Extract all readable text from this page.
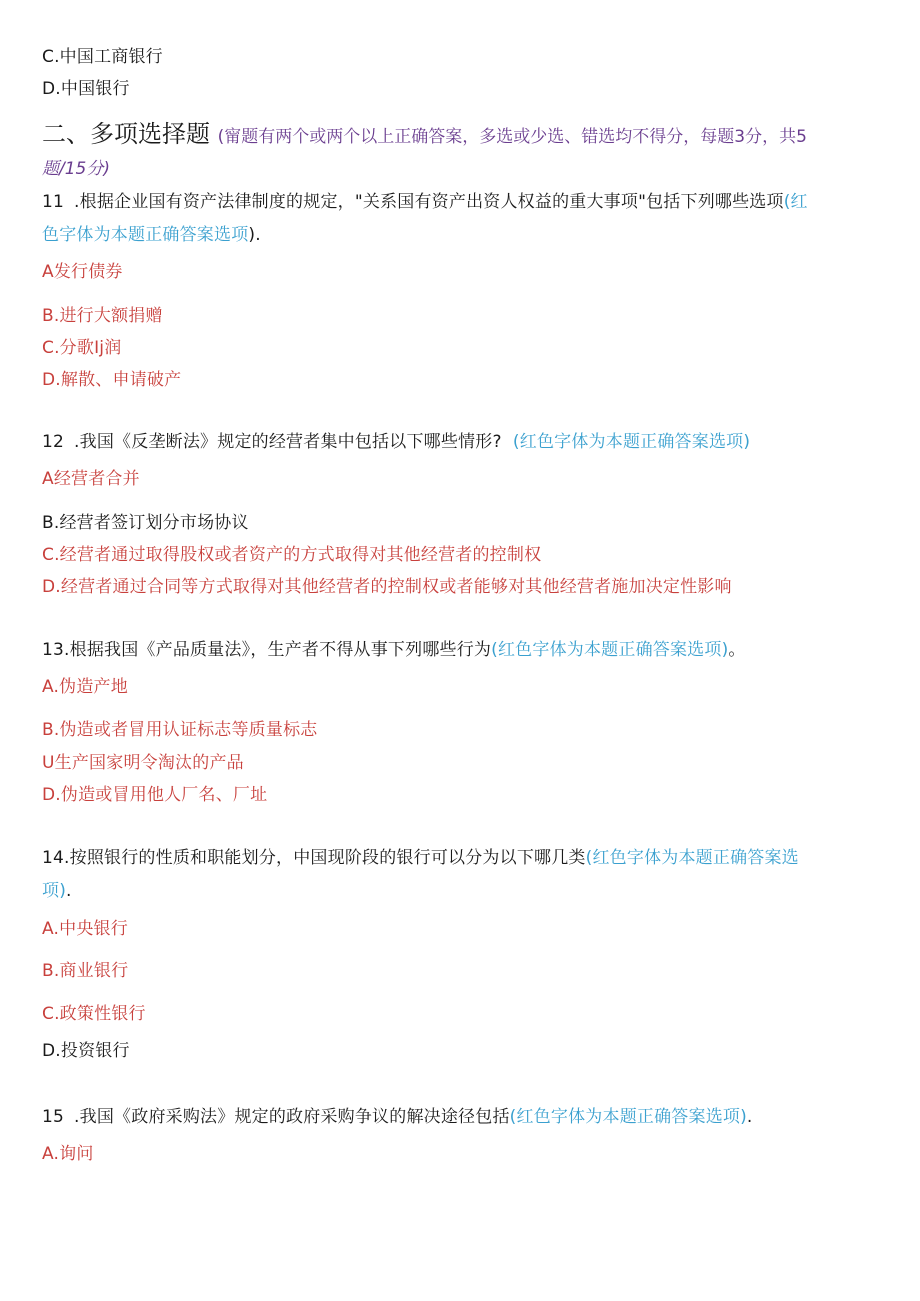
C.中国工商银行
D.中国银行
二、多项选择题 (甯题有两个或两个以上正确答案，多选或少选、错选均不得分，每题3分，共5
题/15分)
11 .根据企业国有资产法律制度的规定，"关系国有资产出资人权益的重大事项"包括下列哪些选项(红
色字体为本题正确答案选项).
A发行债券
B.进行大额捐赠
C.分歌Ij润
D.解散、申请破产
12 .我国《反垄断法》规定的经营者集中包括以下哪些情形? (红色字体为本题正确答案选项)
A经营者合并
B.经营者签订划分市场协议
C.经营者通过取得股权或者资产的方式取得对其他经营者的控制权
D.经营者通过合同等方式取得对其他经营者的控制权或者能够对其他经营者施加决定性影响
13.根据我国《产品质量法》，生产者不得从事下列哪些行为(红色字体为本题正确答案选项)。
A.伪造产地
B.伪造或者冒用认证标志等质量标志
U生产国家明令淘汰的产品
D.伪造或冒用他人厂名、厂址
14.按照银行的性质和职能划分，中国现阶段的银行可以分为以下哪几类(红色字体为本题正确答案选
项).
A.中央银行
B.商业银行
C.政策性银行
D.投资银行
15 .我国《政府采购法》规定的政府采购争议的解决途径包括(红色字体为本题正确答案选项).
A.询问
